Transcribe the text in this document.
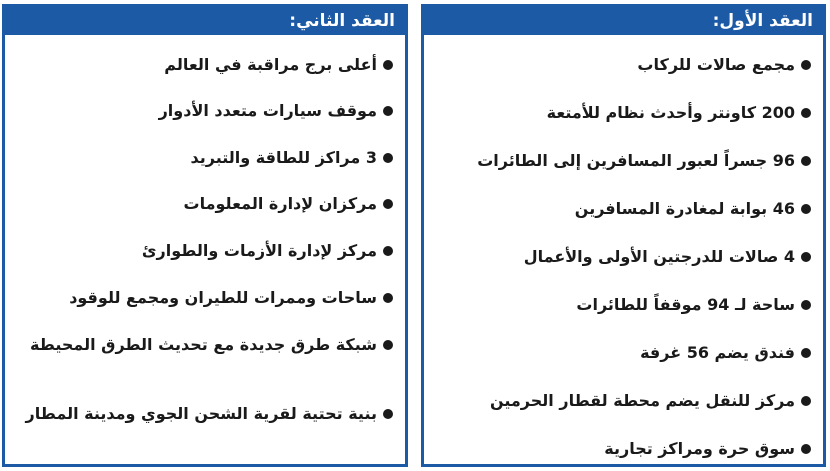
العقد الأول:
مجمع صالات للركاب
200 كاونتر وأحدث نظام للأمتعة
96 جسراً لعبور المسافرين إلى الطائرات
46 بوابة لمغادرة المسافرين
4 صالات للدرجتين الأولى والأعمال
ساحة لـ 94 موقفاً للطائرات
فندق يضم 56 غرفة
مركز للنقل يضم محطة لقطار الحرمين
سوق حرة ومراكز تجارية
العقد الثاني:
أعلى برج مراقبة في العالم
موقف سيارات متعدد الأدوار
3 مراكز للطاقة والتبريد
مركزان لإدارة المعلومات
مركز لإدارة الأزمات والطوارئ
ساحات وممرات للطيران ومجمع للوقود
شبكة طرق جديدة مع تحديث الطرق المحيطة
بنية تحتية لقرية الشحن الجوي ومدينة المطار
